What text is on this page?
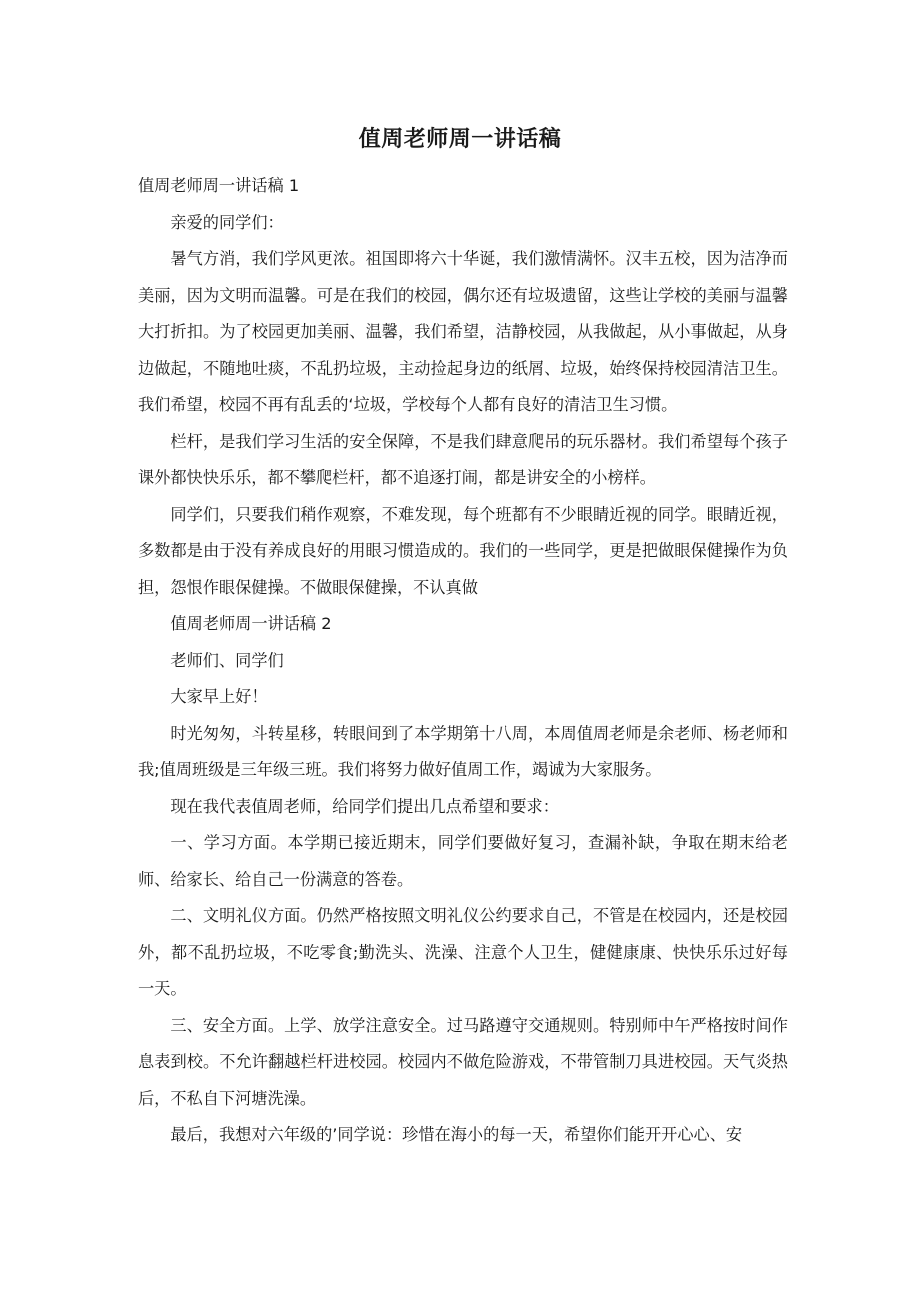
值周老师周一讲话稿

值周老师周一讲话稿 1

亲爱的同学们：

暑气方消，我们学风更浓。祖国即将六十华诞，我们激情满怀。汉丰五校，因为洁净而美丽，因为文明而温馨。可是在我们的校园，偶尔还有垃圾遗留，这些让学校的美丽与温馨大打折扣。为了校园更加美丽、温馨，我们希望，洁静校园，从我做起，从小事做起，从身边做起，不随地吐痰，不乱扔垃圾，主动捡起身边的纸屑、垃圾，始终保持校园清洁卫生。我们希望，校园不再有乱丢的‘垃圾，学校每个人都有良好的清洁卫生习惯。

栏杆，是我们学习生活的安全保障，不是我们肆意爬吊的玩乐器材。我们希望每个孩子课外都快快乐乐，都不攀爬栏杆，都不追逐打闹，都是讲安全的小榜样。

同学们，只要我们稍作观察，不难发现，每个班都有不少眼睛近视的同学。眼睛近视，多数都是由于没有养成良好的用眼习惯造成的。我们的一些同学，更是把做眼保健操作为负担，怨恨作眼保健操。不做眼保健操，不认真做

值周老师周一讲话稿 2

老师们、同学们

大家早上好！

时光匆匆，斗转星移，转眼间到了本学期第十八周，本周值周老师是余老师、杨老师和我;值周班级是三年级三班。我们将努力做好值周工作，竭诚为大家服务。

现在我代表值周老师，给同学们提出几点希望和要求：

一、学习方面。本学期已接近期末，同学们要做好复习，查漏补缺，争取在期末给老师、给家长、给自己一份满意的答卷。

二、文明礼仪方面。仍然严格按照文明礼仪公约要求自己，不管是在校园内，还是校园外，都不乱扔垃圾，不吃零食;勤洗头、洗澡、注意个人卫生，健健康康、快快乐乐过好每一天。

三、安全方面。上学、放学注意安全。过马路遵守交通规则。特别师中午严格按时间作息表到校。不允许翻越栏杆进校园。校园内不做危险游戏，不带管制刀具进校园。天气炎热后，不私自下河塘洗澡。

最后，我想对六年级的’同学说：珍惜在海小的每一天，希望你们能开开心心、安
